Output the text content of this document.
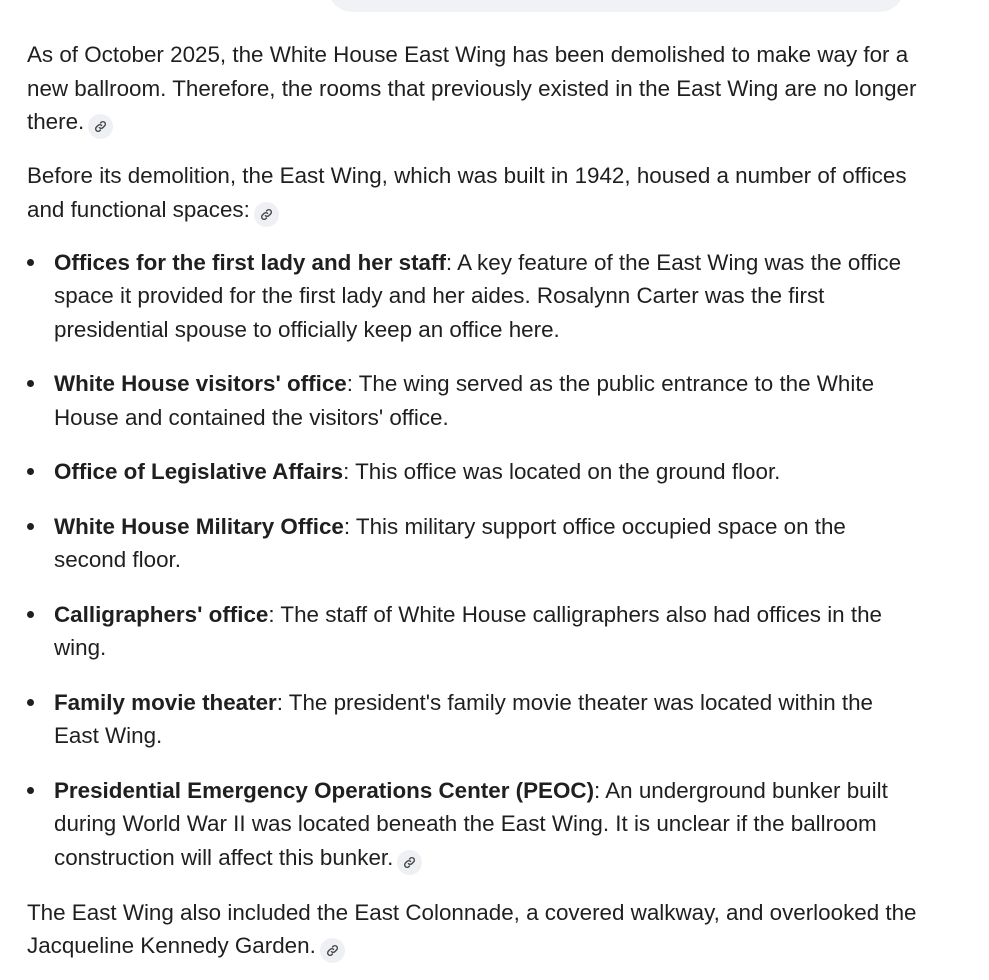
As of October 2025, the White House East Wing has been demolished to make way for a new ballroom. Therefore, the rooms that previously existed in the East Wing are no longer there.

Before its demolition, the East Wing, which was built in 1942, housed a number of offices and functional spaces:

Offices for the first lady and her staff: A key feature of the East Wing was the office space it provided for the first lady and her aides. Rosalynn Carter was the first presidential spouse to officially keep an office here.
White House visitors' office: The wing served as the public entrance to the White House and contained the visitors' office.
Office of Legislative Affairs: This office was located on the ground floor.
White House Military Office: This military support office occupied space on the second floor.
Calligraphers' office: The staff of White House calligraphers also had offices in the wing.
Family movie theater: The president's family movie theater was located within the East Wing.
Presidential Emergency Operations Center (PEOC): An underground bunker built during World War II was located beneath the East Wing. It is unclear if the ballroom construction will affect this bunker.

The East Wing also included the East Colonnade, a covered walkway, and overlooked the Jacqueline Kennedy Garden.
